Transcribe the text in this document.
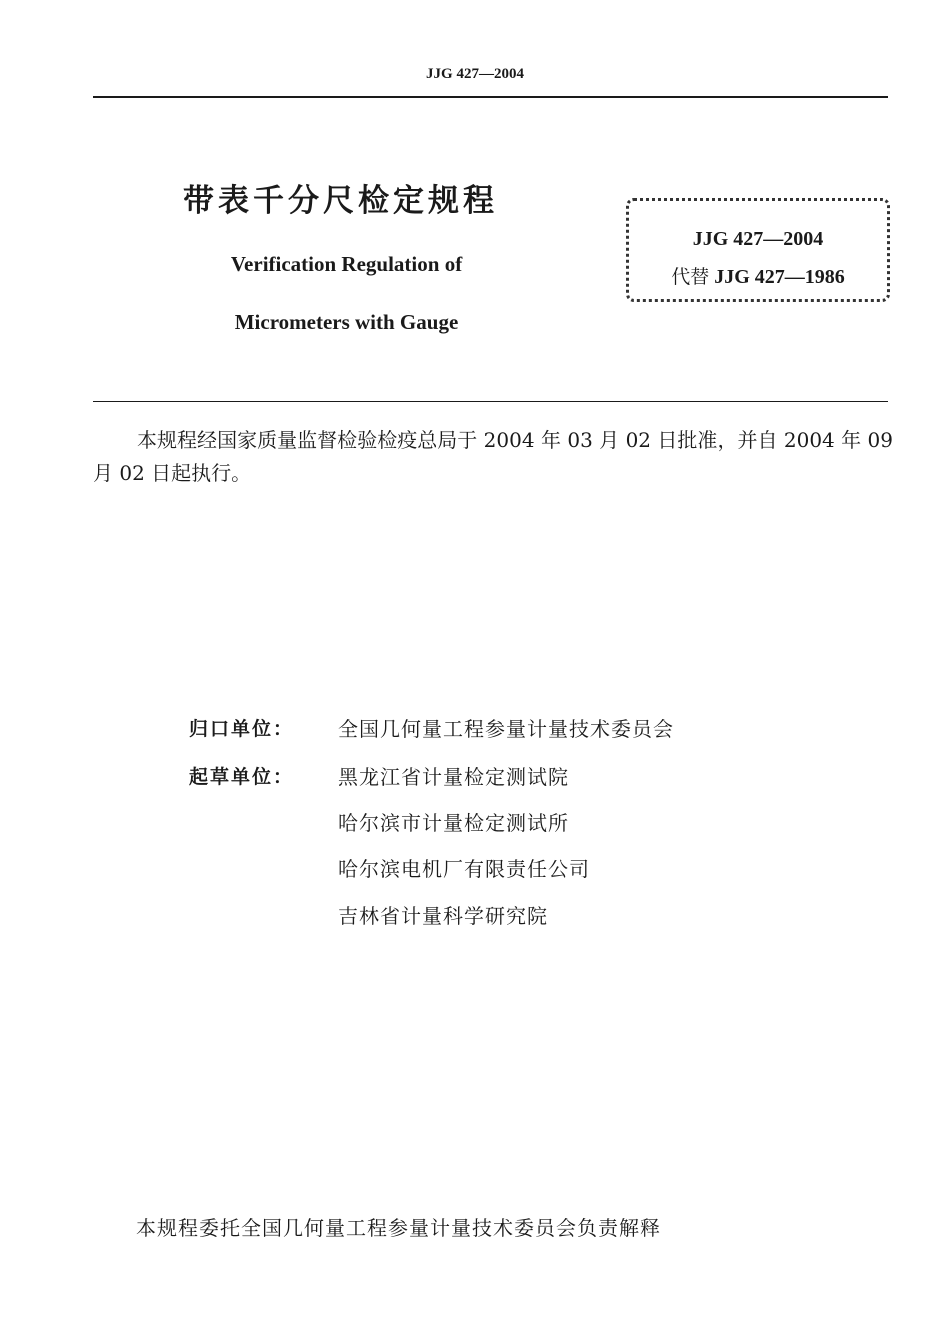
JJG 427—2004
带表千分尺检定规程
Verification Regulation of
Micrometers with Gauge
JJG 427—2004
代替 JJG 427—1986
本规程经国家质量监督检验检疫总局于 2004 年 03 月 02 日批准，并自 2004 年 09 月 02 日起执行。
归口单位： 全国几何量工程参量计量技术委员会
起草单位： 黑龙江省计量检定测试院
哈尔滨市计量检定测试所
哈尔滨电机厂有限责任公司
吉林省计量科学研究院
本规程委托全国几何量工程参量计量技术委员会负责解释
